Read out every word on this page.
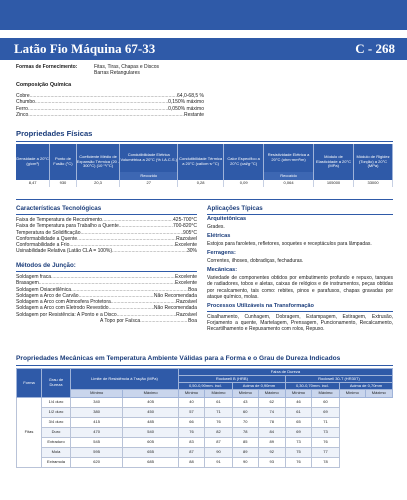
Latão Fio Máquina 67-33	C - 268
Formas de Fornecimento:	Fitas, Tiras, Chapas e Discos
Barras Retangulares
Composição Química
Cobre .....	64,0-68,5 %
Chumbo .....	0,150% máximo
Ferro .....	0,050% máximo
Zinco .....	Restante
Propriedades Físicas
Densidade a 20°C (g/cm³)	Ponto de Fusão (°C)	Coeficiente Médio de Expansão Térmica (20 - 300°C) (10⁻⁶/°C)	Condutibilidade Elétrica Volumétrica a 20°C (% I.A.C.S.)	Condutibilidade Térmica a 20°C (cal/cm·s·°C)	Calor Específico a 20°C (cal/g·°C)	Resistividade Elétrica a 20°C (ohm·mm²/m)	Módulo de Elasticidade a 20°C (MPa)	Módulo de Rigidez (Torção) a 20°C (MPa)
			Recozido			Recozido		
8,47	930	20,3	27	0,28	0,09	0,064	105000	33000
Características Tecnológicas
Faixa de Temperatura de Recozimento .....	425-700°C
Faixa de Temperatura para Trabalho a Quente .....	700-820°C
Temperatura de Solidificação .....	905°C
Conformabilidade a Quente .....	Razoável
Conformabilidade a Frio .....	Excelente
Usinabilidade Relativa (Latão CLA = 100%) .....	30%
Métodos de Junção:
Soldagem fraca .....	Excelente
Brasagem .....	Excelente
Soldagem Oxiacetilênica .....	Boa
Soldagem a Arco de Carvão .....	Não Recomendada
Soldagem a Arco com Atmosfera Protetora .....	Razoável
Soldagem a Arco com Eletrodo Revestido .....	Não Recomendada
Soldagem por Resistência: A Ponto e a Disco .....	Razoável
A Topo por Faísca .....	Boa
Aplicações Típicas
Arquitetônicas
Grades.
Elétricas
Estojos para faroletes, refletores, soquetes e receptáculos para lâmpadas.
Ferragens:
Correntes, ilhoses, dobradiças, fechaduras.
Mecânicas:
Variedade de componentes obtidos por embutimento profundo e repuxo, tanques de radiadores, tobos e aletas, caixas de relógios e de instrumentos, peças obtidas por recalcamento, tais como: rebites, pinos e parafusos, chapas gravadas por ataque químico, molas.
Processos Utilizáveis na Transformação
Cisalhamento, Cunhagem, Dobragem, Estampagem, Estiragem, Extrusão, Forjamento a quente, Martelagem, Prensagem, Puncionamento, Recalcamento, Recartilhamento e Repuxamento com rolos, Repuxo.
Propriedades Mecânicas em Temperatura Ambiente Válidas para a Forma e o Grau de Dureza Indicados
Forma	Grau de Dureza	Limite de Resistência à Tração (MPa)		Faixa de Dureza							
				Rockwell B (HRB)				Rockwell 30-T (HR30T)			
				0,50-0,90mm. incl.		Acima de 0,90mm		0,30-0,70mm. incl.		Acima de 0,70mm	
		Mínimo	Máximo	Mínimo	Máximo	Mínimo	Máximo	Mínimo	Máximo	Mínimo	Máximo
Fitas	1/4 duro	340	405	40	61	43	62	46	60		
	1/2 duro	380	450	57	71	60	74	61	69		
	3/4 duro	415	485	66	76	70	78	65	71		
	Duro	470	540	76	82	78	84	69	73		
	Extraduro	545	605	83	87	85	89	73	76		
	Mola	595	655	87	90	89	92	75	77		
	Extramola	620	685	88	91	90	93	76	78		
